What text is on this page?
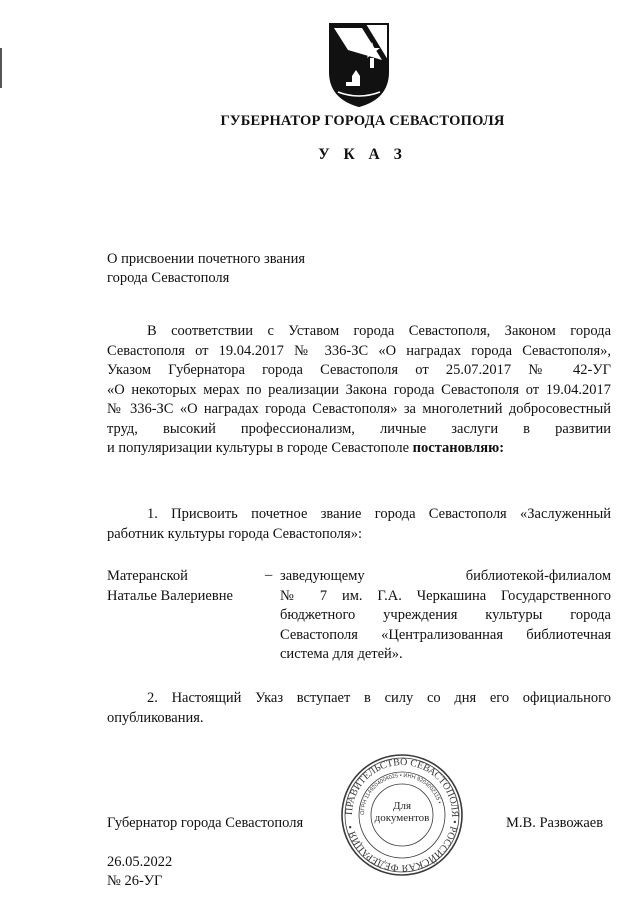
ГУБЕРНАТОР ГОРОДА СЕВАСТОПОЛЯ
У К А З
О присвоении почетного звания
города Севастополя
В соответствии с Уставом города Севастополя, Законом города
Севастополя от 19.04.2017 № 336-ЗС «О наградах города Севастополя»,
Указом Губернатора города Севастополя от 25.07.2017 № 42-УГ
«О некоторых мерах по реализации Закона города Севастополя от 19.04.2017
№ 336-ЗС «О наградах города Севастополя» за многолетний добросовестный
труд, высокий профессионализм, личные заслуги в развитии
и популяризации культуры в городе Севастополе постановляю:
1. Присвоить почетное звание города Севастополя «Заслуженный
работник культуры города Севастополя»:
Матеранской
Наталье Валериевне
– заведующему библиотекой-филиалом
№ 7 им. Г.А. Черкашина Государственного
бюджетного учреждения культуры города
Севастополя «Централизованная библиотечная
система для детей».
2. Настоящий Указ вступает в силу со дня его официального
опубликования.
ПРАВИТЕЛЬСТВО СЕВАСТОПОЛЯ • РОССИЙСКАЯ ФЕДЕРАЦИЯ •
ОГРН 1149204004025 • ИНН 9204002115 •
Для
документов
Губернатор города Севастополя	М.В. Развожаев
26.05.2022
№ 26-УГ
